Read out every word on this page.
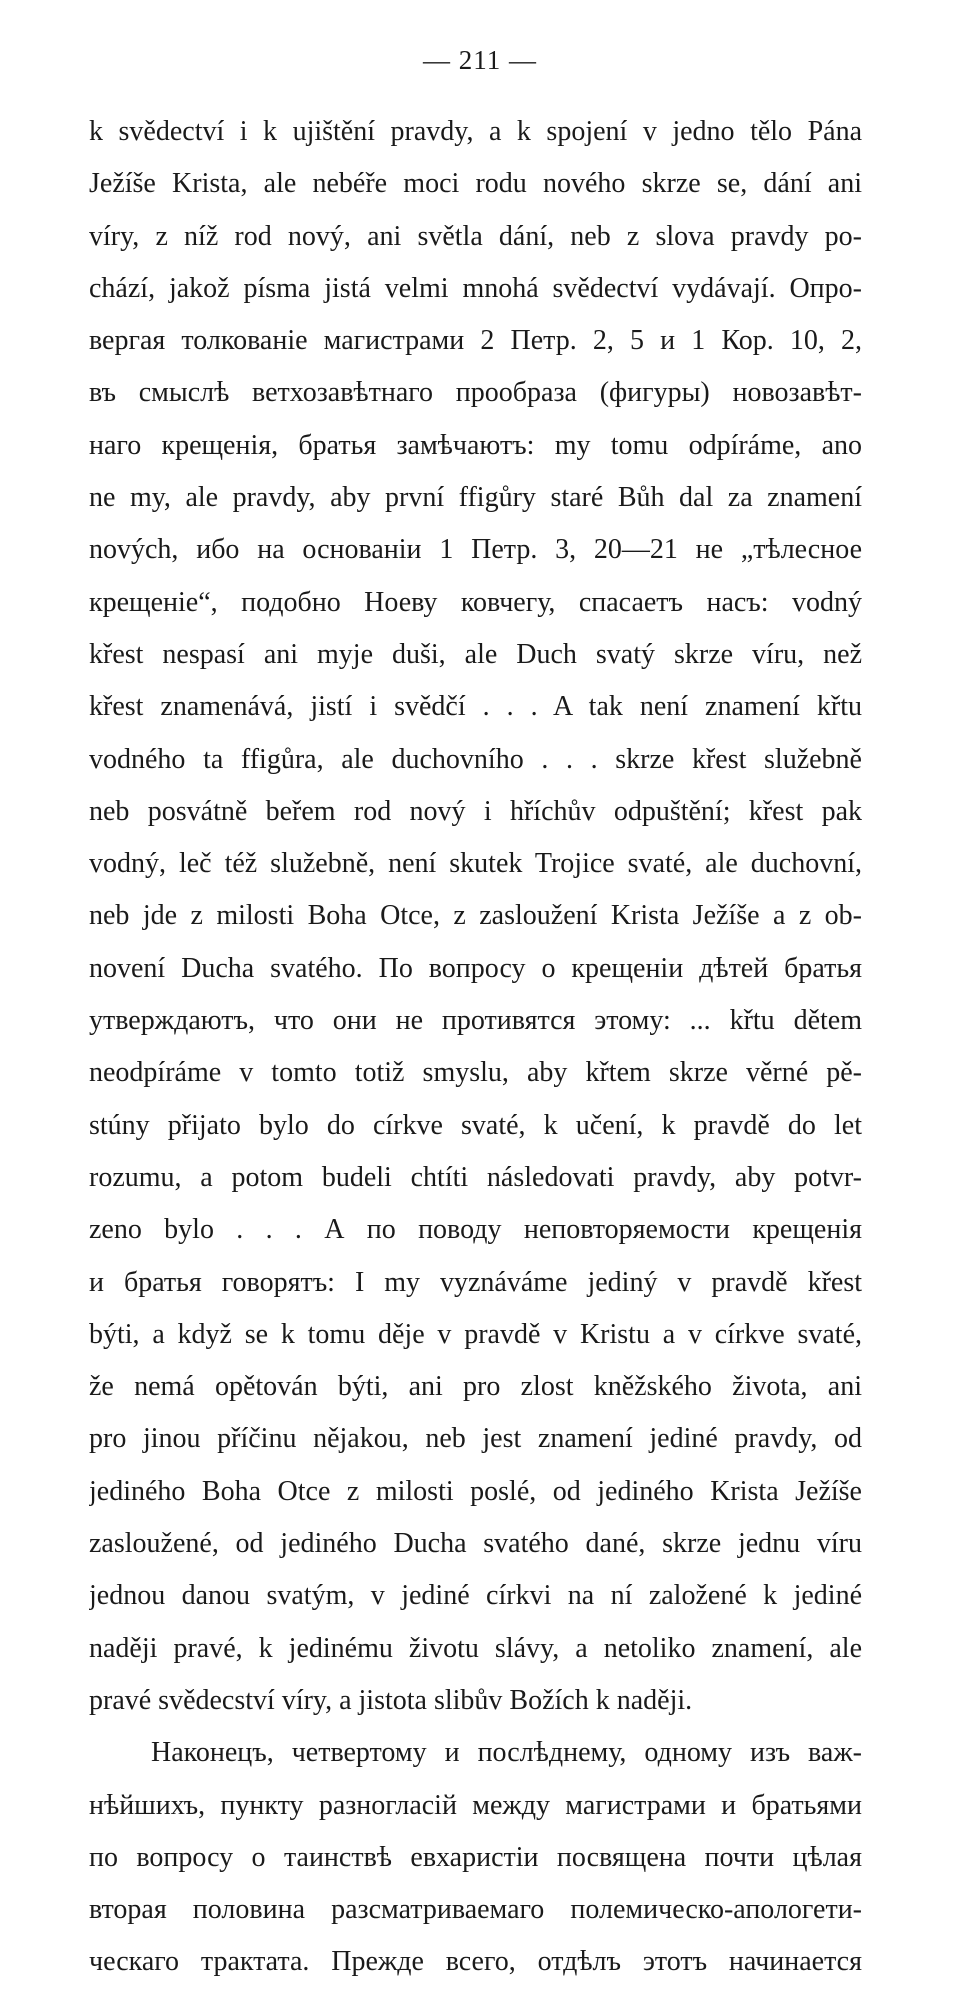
— 211 —
k svědectví i k ujištění pravdy, a k spojení v jedno tělo Pána
Ježíše Krista, ale nebéře moci rodu nového skrze se, dání ani
víry, z níž rod nový, ani světla dání, neb z slova pravdy po-
chází, jakož písma jistá velmi mnohá svědectví vydávají. Опро-
вергая толкованіе магистрами 2 Петр. 2, 5 и 1 Кор. 10, 2,
въ смыслѣ ветхозавѣтнаго прообраза (фигуры) новозавѣт-
наго крещенія, братья замѣчаютъ: my tomu odpíráme, ano
ne my, ale pravdy, aby první ffigůry staré Bůh dal za znamení
nových, ибо на основаніи 1 Петр. 3, 20—21 не „тѣлесное
крещеніе“, подобно Ноеву ковчегу, спасаетъ насъ: vodný
křest nespasí ani myje duši, ale Duch svatý skrze víru, než
křest znamenává, jistí i svědčí . . . A tak není znamení křtu
vodného ta ffigůra, ale duchovního . . . skrze křest služebně
neb posvátně beřem rod nový i hříchův odpuštění; křest pak
vodný, leč též služebně, není skutek Trojice svaté, ale duchovní,
neb jde z milosti Boha Otce, z zasloužení Krista Ježíše a z ob-
novení Ducha svatého. По вопросу о крещеніи дѣтей братья
утверждаютъ, что они не противятся этому: ... křtu dětem
neodpíráme v tomto totiž smyslu, aby křtem skrze věrné pě-
stúny přijato bylo do církve svaté, k učení, k pravdě do let
rozumu, a potom budeli chtíti následovati pravdy, aby potvr-
zeno bylo . . . А по поводу неповторяемости крещенія
и братья говорятъ: I my vyznáváme jediný v pravdě křest
býti, a když se k tomu děje v pravdě v Kristu a v církve svaté,
že nemá opětován býti, ani pro zlost kněžského života, ani
pro jinou příčinu nějakou, neb jest znamení jediné pravdy, od
jediného Boha Otce z milosti poslé, od jediného Krista Ježíše
zasloužené, od jediného Ducha svatého dané, skrze jednu víru
jednou danou svatým, v jediné církvi na ní založené k jediné
naději pravé, k jedinému životu slávy, a netoliko znamení, ale
pravé svědecství víry, a jistota slibův Božích k naději.
Наконецъ, четвертому и послѣднему, одному изъ важ-
нѣйшихъ, пункту разногласій между магистрами и братьями
по вопросу о таинствѣ евхаристіи посвящена почти цѣлая
вторая половина разсматриваемаго полемическо-апологети-
ческаго трактата. Прежде всего, отдѣлъ этотъ начинается
